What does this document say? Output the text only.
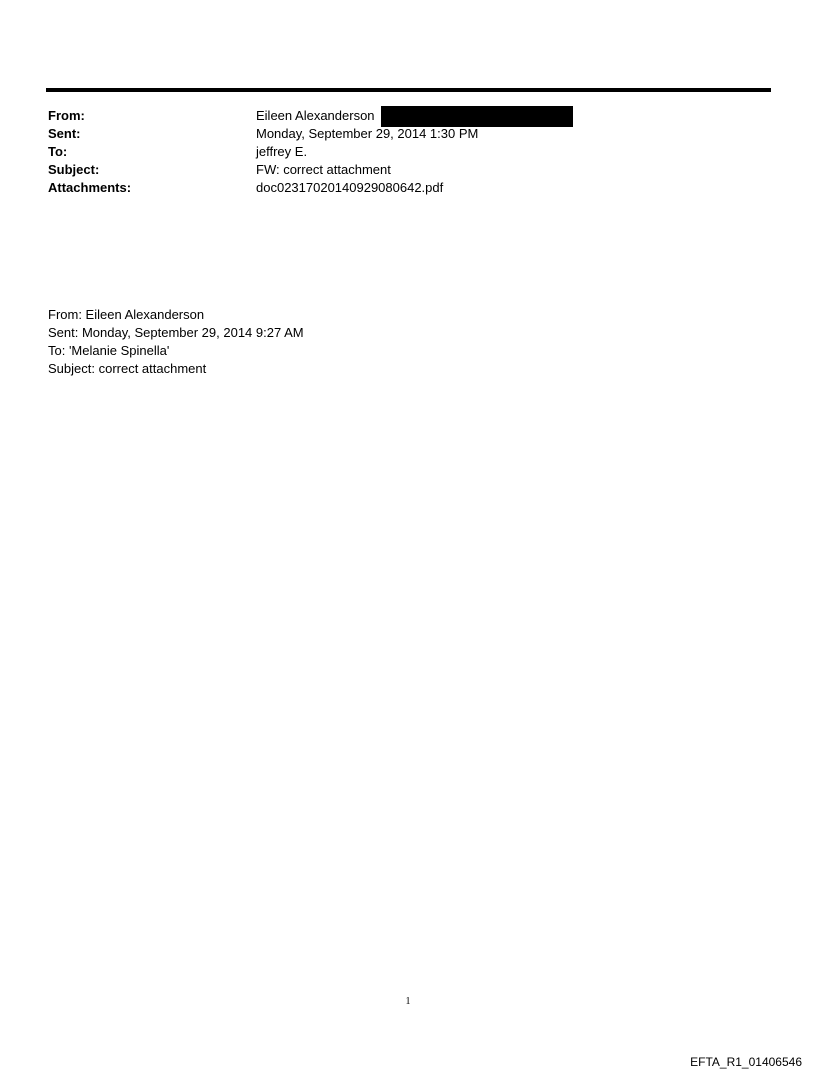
From:	Eileen Alexanderson
Sent:	Monday, September 29, 2014 1:30 PM
To:	jeffrey E.
Subject:	FW: correct attachment
Attachments:	doc02317020140929080642.pdf
From: Eileen Alexanderson
Sent: Monday, September 29, 2014 9:27 AM
To: 'Melanie Spinella'
Subject: correct attachment
1
EFTA_R1_01406546
